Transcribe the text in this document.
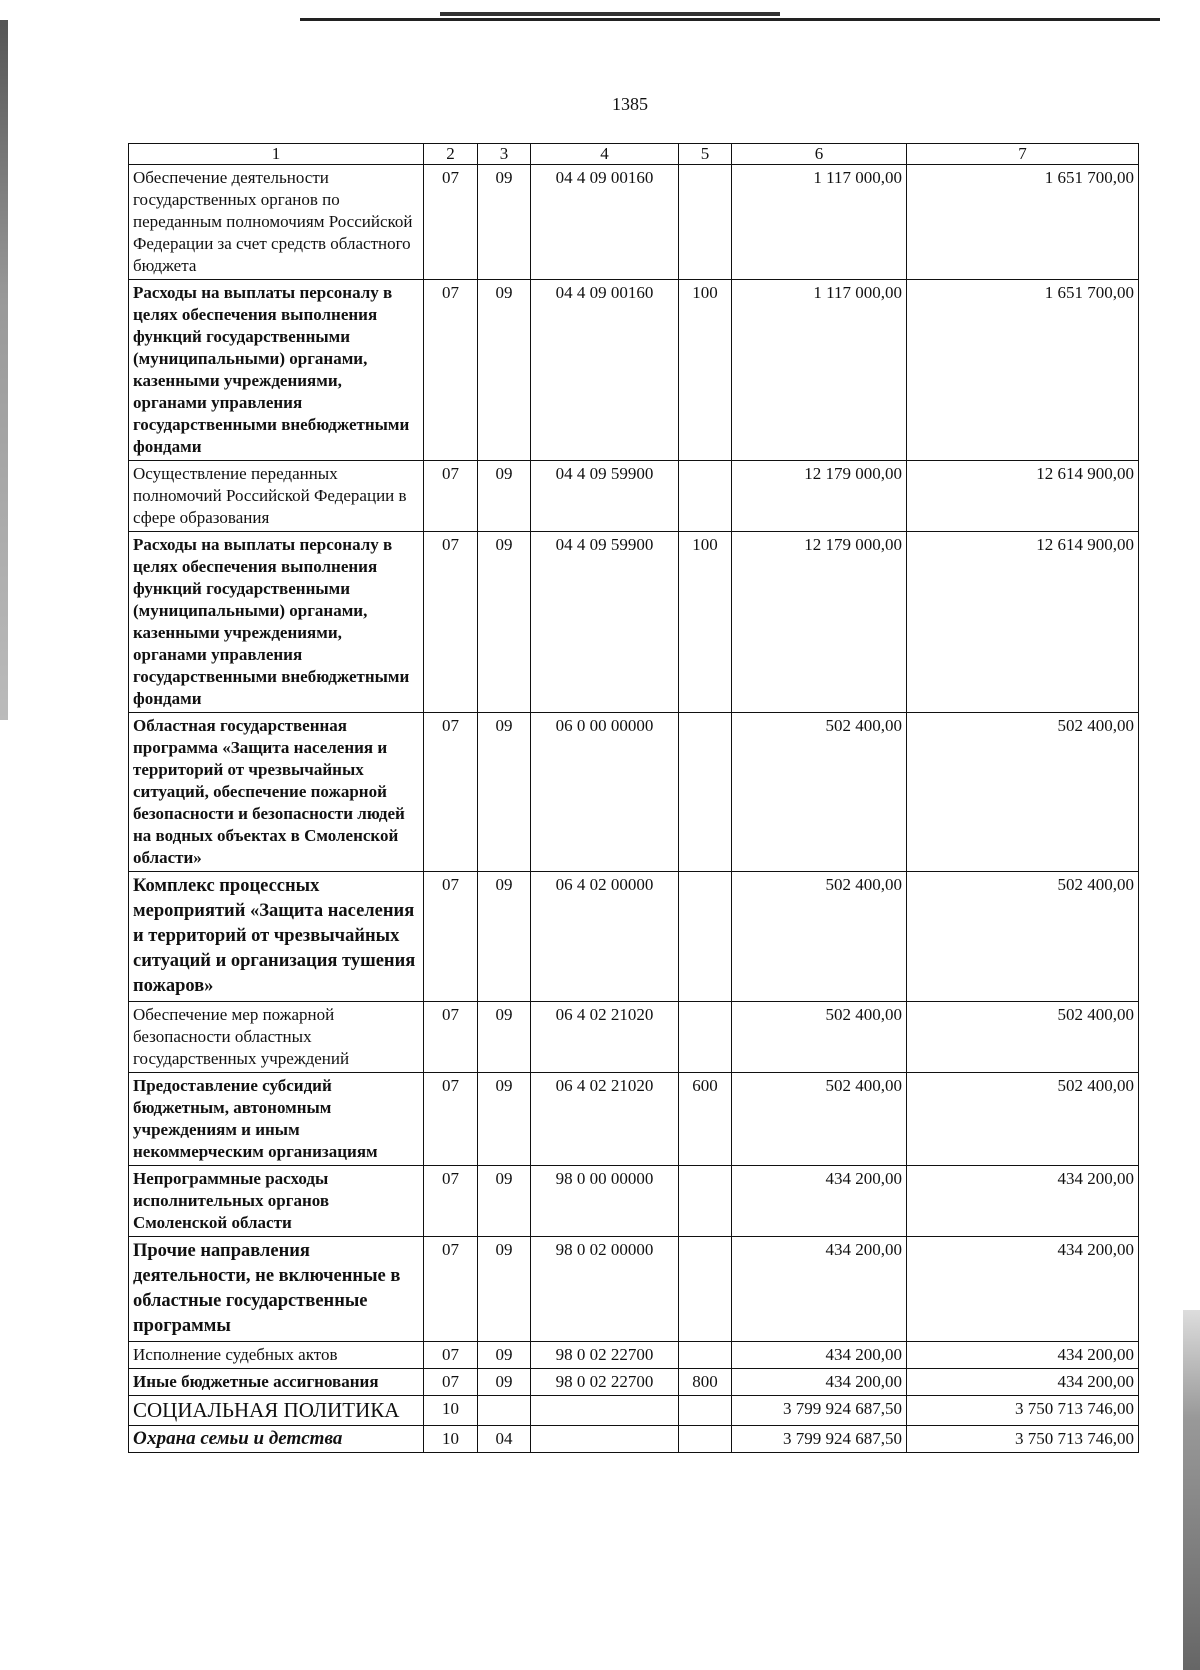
1385
1	2	3	4	5	6	7
Обеспечение деятельности государственных органов по переданным полномочиям Российской Федерации за счет средств областного бюджета	07	09	04 4 09 00160		1 117 000,00	1 651 700,00
Расходы на выплаты персоналу в целях обеспечения выполнения функций государственными (муниципальными) органами, казенными учреждениями, органами управления государственными внебюджетными фондами	07	09	04 4 09 00160	100	1 117 000,00	1 651 700,00
Осуществление переданных полномочий Российской Федерации в сфере образования	07	09	04 4 09 59900		12 179 000,00	12 614 900,00
Расходы на выплаты персоналу в целях обеспечения выполнения функций государственными (муниципальными) органами, казенными учреждениями, органами управления государственными внебюджетными фондами	07	09	04 4 09 59900	100	12 179 000,00	12 614 900,00
Областная государственная программа «Защита населения и территорий от чрезвычайных ситуаций, обеспечение пожарной безопасности и безопасности людей на водных объектах в Смоленской области»	07	09	06 0 00 00000		502 400,00	502 400,00
Комплекс процессных мероприятий «Защита населения и территорий от чрезвычайных ситуаций и организация тушения пожаров»	07	09	06 4 02 00000		502 400,00	502 400,00
Обеспечение мер пожарной безопасности областных государственных учреждений	07	09	06 4 02 21020		502 400,00	502 400,00
Предоставление субсидий бюджетным, автономным учреждениям и иным некоммерческим организациям	07	09	06 4 02 21020	600	502 400,00	502 400,00
Непрограммные расходы исполнительных органов Смоленской области	07	09	98 0 00 00000		434 200,00	434 200,00
Прочие направления деятельности, не включенные в областные государственные программы	07	09	98 0 02 00000		434 200,00	434 200,00
Исполнение судебных актов	07	09	98 0 02 22700		434 200,00	434 200,00
Иные бюджетные ассигнования	07	09	98 0 02 22700	800	434 200,00	434 200,00
СОЦИАЛЬНАЯ ПОЛИТИКА	10				3 799 924 687,50	3 750 713 746,00
Охрана семьи и детства	10	04			3 799 924 687,50	3 750 713 746,00
